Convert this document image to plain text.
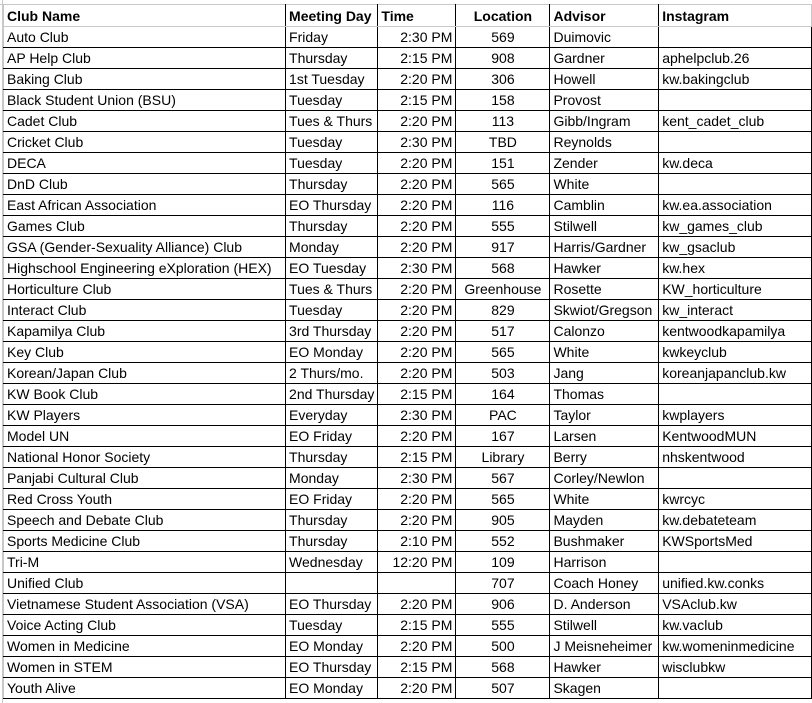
Club Name	Meeting Day	Time	Location	Advisor	Instagram
Auto Club	Friday	2:30 PM	569	Duimovic	
AP Help Club	Thursday	2:15 PM	908	Gardner	aphelpclub.26
Baking Club	1st Tuesday	2:20 PM	306	Howell	kw.bakingclub
Black Student Union (BSU)	Tuesday	2:15 PM	158	Provost	
Cadet Club	Tues & Thurs	2:20 PM	113	Gibb/Ingram	kent_cadet_club
Cricket Club	Tuesday	2:30 PM	TBD	Reynolds	
DECA	Tuesday	2:20 PM	151	Zender	kw.deca
DnD Club	Thursday	2:20 PM	565	White	
East African Association	EO Thursday	2:20 PM	116	Camblin	kw.ea.association
Games Club	Thursday	2:20 PM	555	Stilwell	kw_games_club
GSA (Gender-Sexuality Alliance) Club	Monday	2:20 PM	917	Harris/Gardner	kw_gsaclub
Highschool Engineering eXploration (HEX)	EO Tuesday	2:30 PM	568	Hawker	kw.hex
Horticulture Club	Tues & Thurs	2:20 PM	Greenhouse	Rosette	KW_horticulture
Interact Club	Tuesday	2:20 PM	829	Skwiot/Gregson	kw_interact
Kapamilya Club	3rd Thursday	2:20 PM	517	Calonzo	kentwoodkapamilya
Key Club	EO Monday	2:20 PM	565	White	kwkeyclub
Korean/Japan Club	2 Thurs/mo.	2:20 PM	503	Jang	koreanjapanclub.kw
KW Book Club	2nd Thursday	2:15 PM	164	Thomas	
KW Players	Everyday	2:30 PM	PAC	Taylor	kwplayers
Model UN	EO Friday	2:20 PM	167	Larsen	KentwoodMUN
National Honor Society	Thursday	2:15 PM	Library	Berry	nhskentwood
Panjabi Cultural Club	Monday	2:30 PM	567	Corley/Newlon	
Red Cross Youth	EO Friday	2:20 PM	565	White	kwrcyc
Speech and Debate Club	Thursday	2:20 PM	905	Mayden	kw.debateteam
Sports Medicine Club	Thursday	2:10 PM	552	Bushmaker	KWSportsMed
Tri-M	Wednesday	12:20 PM	109	Harrison	
Unified Club			707	Coach Honey	unified.kw.conks
Vietnamese Student Association (VSA)	EO Thursday	2:20 PM	906	D. Anderson	VSAclub.kw
Voice Acting Club	Tuesday	2:15 PM	555	Stilwell	kw.vaclub
Women in Medicine	EO Monday	2:20 PM	500	J Meisneheimer	kw.womeninmedicine
Women in STEM	EO Thursday	2:15 PM	568	Hawker	wisclubkw
Youth Alive	EO Monday	2:20 PM	507	Skagen	
